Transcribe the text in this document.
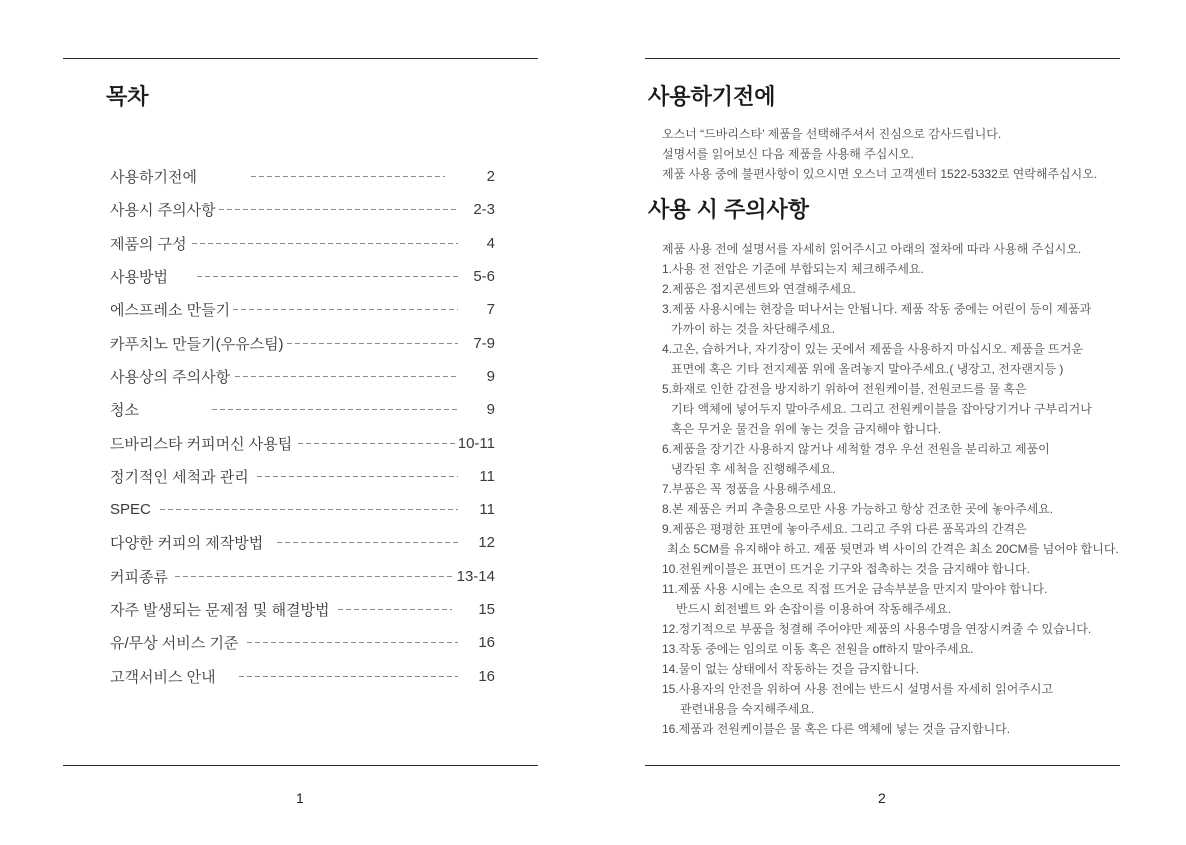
목차
사용하기전에	2
사용시 주의사항	2-3
제품의 구성	4
사용방법	5-6
에스프레소 만들기	7
카푸치노 만들기(우유스팀)	7-9
사용상의 주의사항	9
청소	9
드바리스타 커피머신 사용팁	10-11
정기적인 세척과 관리	11
SPEC	11
다양한 커피의 제작방법	12
커피종류	13-14
자주 발생되는 문제점 및 해결방법	15
유/무상 서비스 기준	16
고객서비스 안내	16
1
사용하기전에
오스너 “드바리스타’ 제품을 선택해주셔서 진심으로 감사드립니다.
설명서를 읽어보신 다음 제품을 사용해 주십시오.
제품 사용 중에 불편사항이 있으시면 오스너 고객센터 1522-5332로 연락해주십시오.
사용 시 주의사항
제품 사용 전에 설명서를 자세히 읽어주시고 아래의 절차에 따라 사용해 주십시오.
1.사용 전 전압은 기준에 부합되는지 체크해주세요.
2.제품은 접지콘센트와 연결해주세요.
3.제품 사용시에는 현장을 떠나서는 안됩니다. 제품 작동 중에는 어린이 등이 제품과
가까이 하는 것을 차단해주세요.
4.고온, 습하거나, 자기장이 있는 곳에서 제품을 사용하지 마십시오. 제품을 뜨거운
표면에 혹은 기타 전지제품 위에 올려놓지 말아주세요.( 냉장고, 전자랜지등 )
5.화재로 인한 감전을 방지하기 위하여 전원케이블, 전원코드를 물 혹은
기타 액체에 넣어두지 말아주세요. 그리고 전원케이블을 잡아당기거나 구부리거나
혹은 무거운 물건을 위에 놓는 것을 금지해야 합니다.
6.제품을 장기간 사용하지 않거나 세척할 경우 우선 전원을 분리하고 제품이
냉각된 후 세척을 진행해주세요.
7.부품은 꼭 정품을 사용해주세요.
8.본 제품은 커피 추출용으로만 사용 가능하고 항상 건조한 곳에 놓아주세요.
9.제품은 평평한 표면에 놓아주세요. 그리고 주위 다른 품목과의 간격은
최소 5CM를 유지해야 하고. 제품 뒷면과 벽 사이의 간격은 최소 20CM를 넘어야 합니다.
10.전원케이블은 표면이 뜨거운 기구와 접촉하는 것을 금지해야 합니다.
11.제품 사용 시에는 손으로 직접 뜨거운 금속부분을 만지지 말아야 합니다.
반드시 회전벨트 와 손잡이를 이용하여 작동해주세요.
12.정기적으로 부품을 청결해 주어야만 제품의 사용수명을 연장시켜줄 수 있습니다.
13.작동 중에는 임의로 이동 혹은 전원을 off하지 말아주세요.
14.물이 없는 상태에서 작동하는 것을 금지합니다.
15.사용자의 안전을 위하여 사용 전에는 반드시 설명서를 자세히 읽어주시고
관련내용을 숙지해주세요.
16.제품과 전원케이블은 물 혹은 다른 액체에 넣는 것을 금지합니다.
2
